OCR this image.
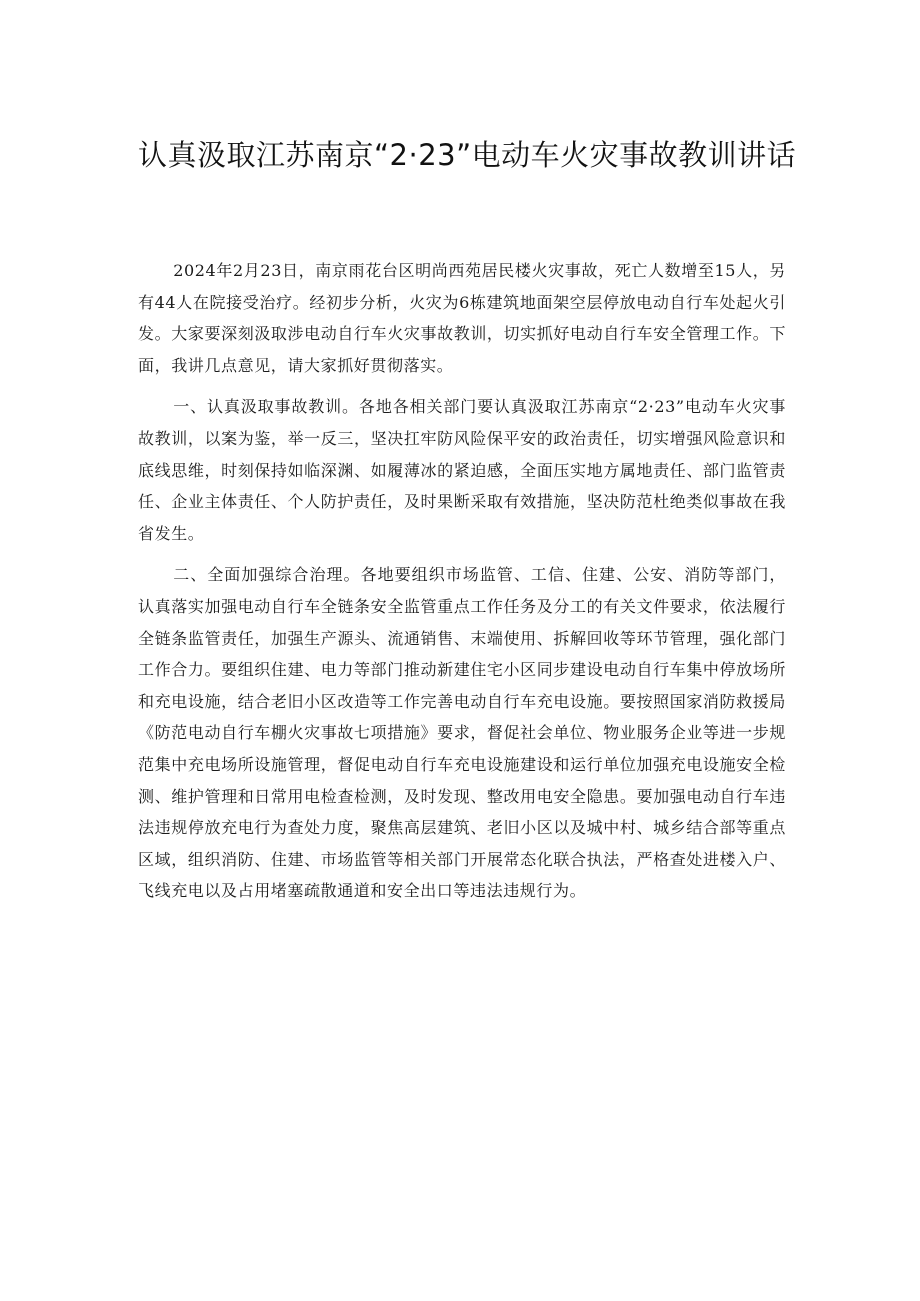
认真汲取江苏南京“2·23”电动车火灾事故教训讲话

2024年2月23日，南京雨花台区明尚西苑居民楼火灾事故，死亡人数增至15人，另有44人在院接受治疗。经初步分析，火灾为6栋建筑地面架空层停放电动自行车处起火引发。大家要深刻汲取涉电动自行车火灾事故教训，切实抓好电动自行车安全管理工作。下面，我讲几点意见，请大家抓好贯彻落实。

一、认真汲取事故教训。各地各相关部门要认真汲取江苏南京“2·23”电动车火灾事故教训，以案为鉴，举一反三，坚决扛牢防风险保平安的政治责任，切实增强风险意识和底线思维，时刻保持如临深渊、如履薄冰的紧迫感，全面压实地方属地责任、部门监管责任、企业主体责任、个人防护责任，及时果断采取有效措施，坚决防范杜绝类似事故在我省发生。

二、全面加强综合治理。各地要组织市场监管、工信、住建、公安、消防等部门，认真落实加强电动自行车全链条安全监管重点工作任务及分工的有关文件要求，依法履行全链条监管责任，加强生产源头、流通销售、末端使用、拆解回收等环节管理，强化部门工作合力。要组织住建、电力等部门推动新建住宅小区同步建设电动自行车集中停放场所和充电设施，结合老旧小区改造等工作完善电动自行车充电设施。要按照国家消防救援局《防范电动自行车棚火灾事故七项措施》要求，督促社会单位、物业服务企业等进一步规范集中充电场所设施管理，督促电动自行车充电设施建设和运行单位加强充电设施安全检测、维护管理和日常用电检查检测，及时发现、整改用电安全隐患。要加强电动自行车违法违规停放充电行为查处力度，聚焦高层建筑、老旧小区以及城中村、城乡结合部等重点区域，组织消防、住建、市场监管等相关部门开展常态化联合执法，严格查处进楼入户、飞线充电以及占用堵塞疏散通道和安全出口等违法违规行为。
